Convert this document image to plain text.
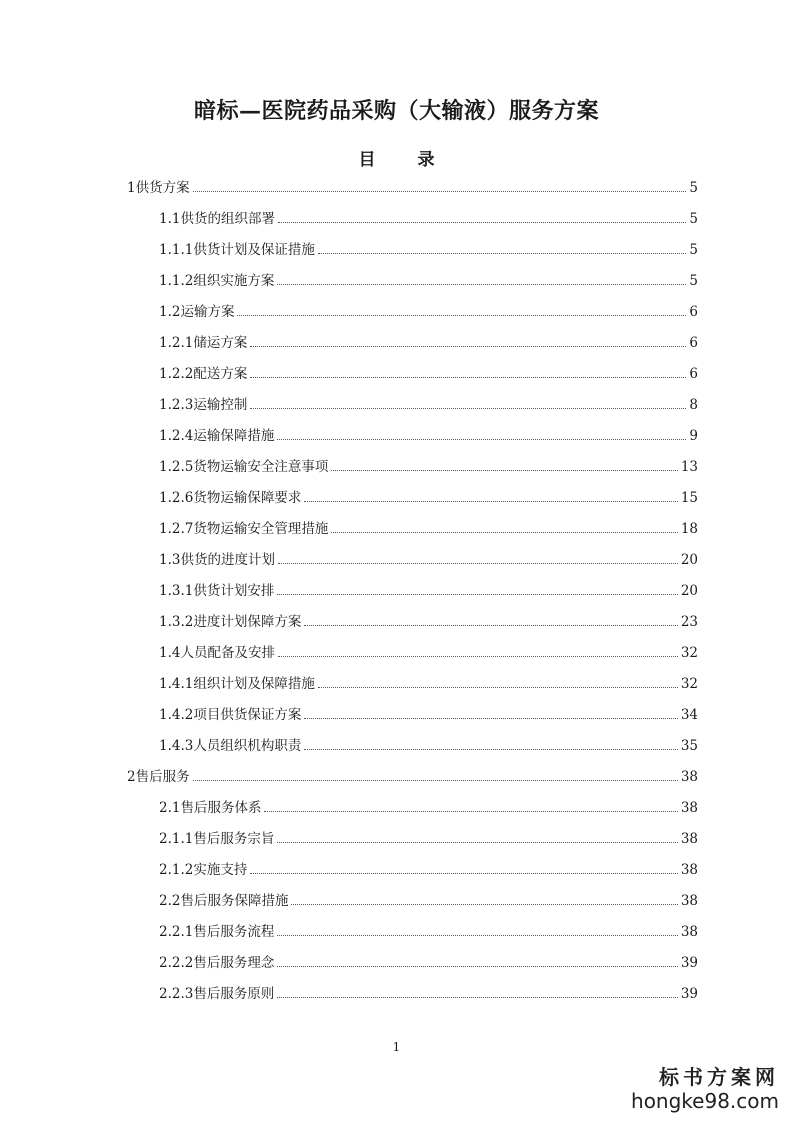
暗标—医院药品采购（大输液）服务方案
目 录
1供货方案	5
1.1供货的组织部署	5
1.1.1供货计划及保证措施	5
1.1.2组织实施方案	5
1.2运输方案	6
1.2.1储运方案	6
1.2.2配送方案	6
1.2.3运输控制	8
1.2.4运输保障措施	9
1.2.5货物运输安全注意事项	13
1.2.6货物运输保障要求	15
1.2.7货物运输安全管理措施	18
1.3供货的进度计划	20
1.3.1供货计划安排	20
1.3.2进度计划保障方案	23
1.4人员配备及安排	32
1.4.1组织计划及保障措施	32
1.4.2项目供货保证方案	34
1.4.3人员组织机构职责	35
2售后服务	38
2.1售后服务体系	38
2.1.1售后服务宗旨	38
2.1.2实施支持	38
2.2售后服务保障措施	38
2.2.1售后服务流程	38
2.2.2售后服务理念	39
2.2.3售后服务原则	39
1
标书方案网
hongke98.com
